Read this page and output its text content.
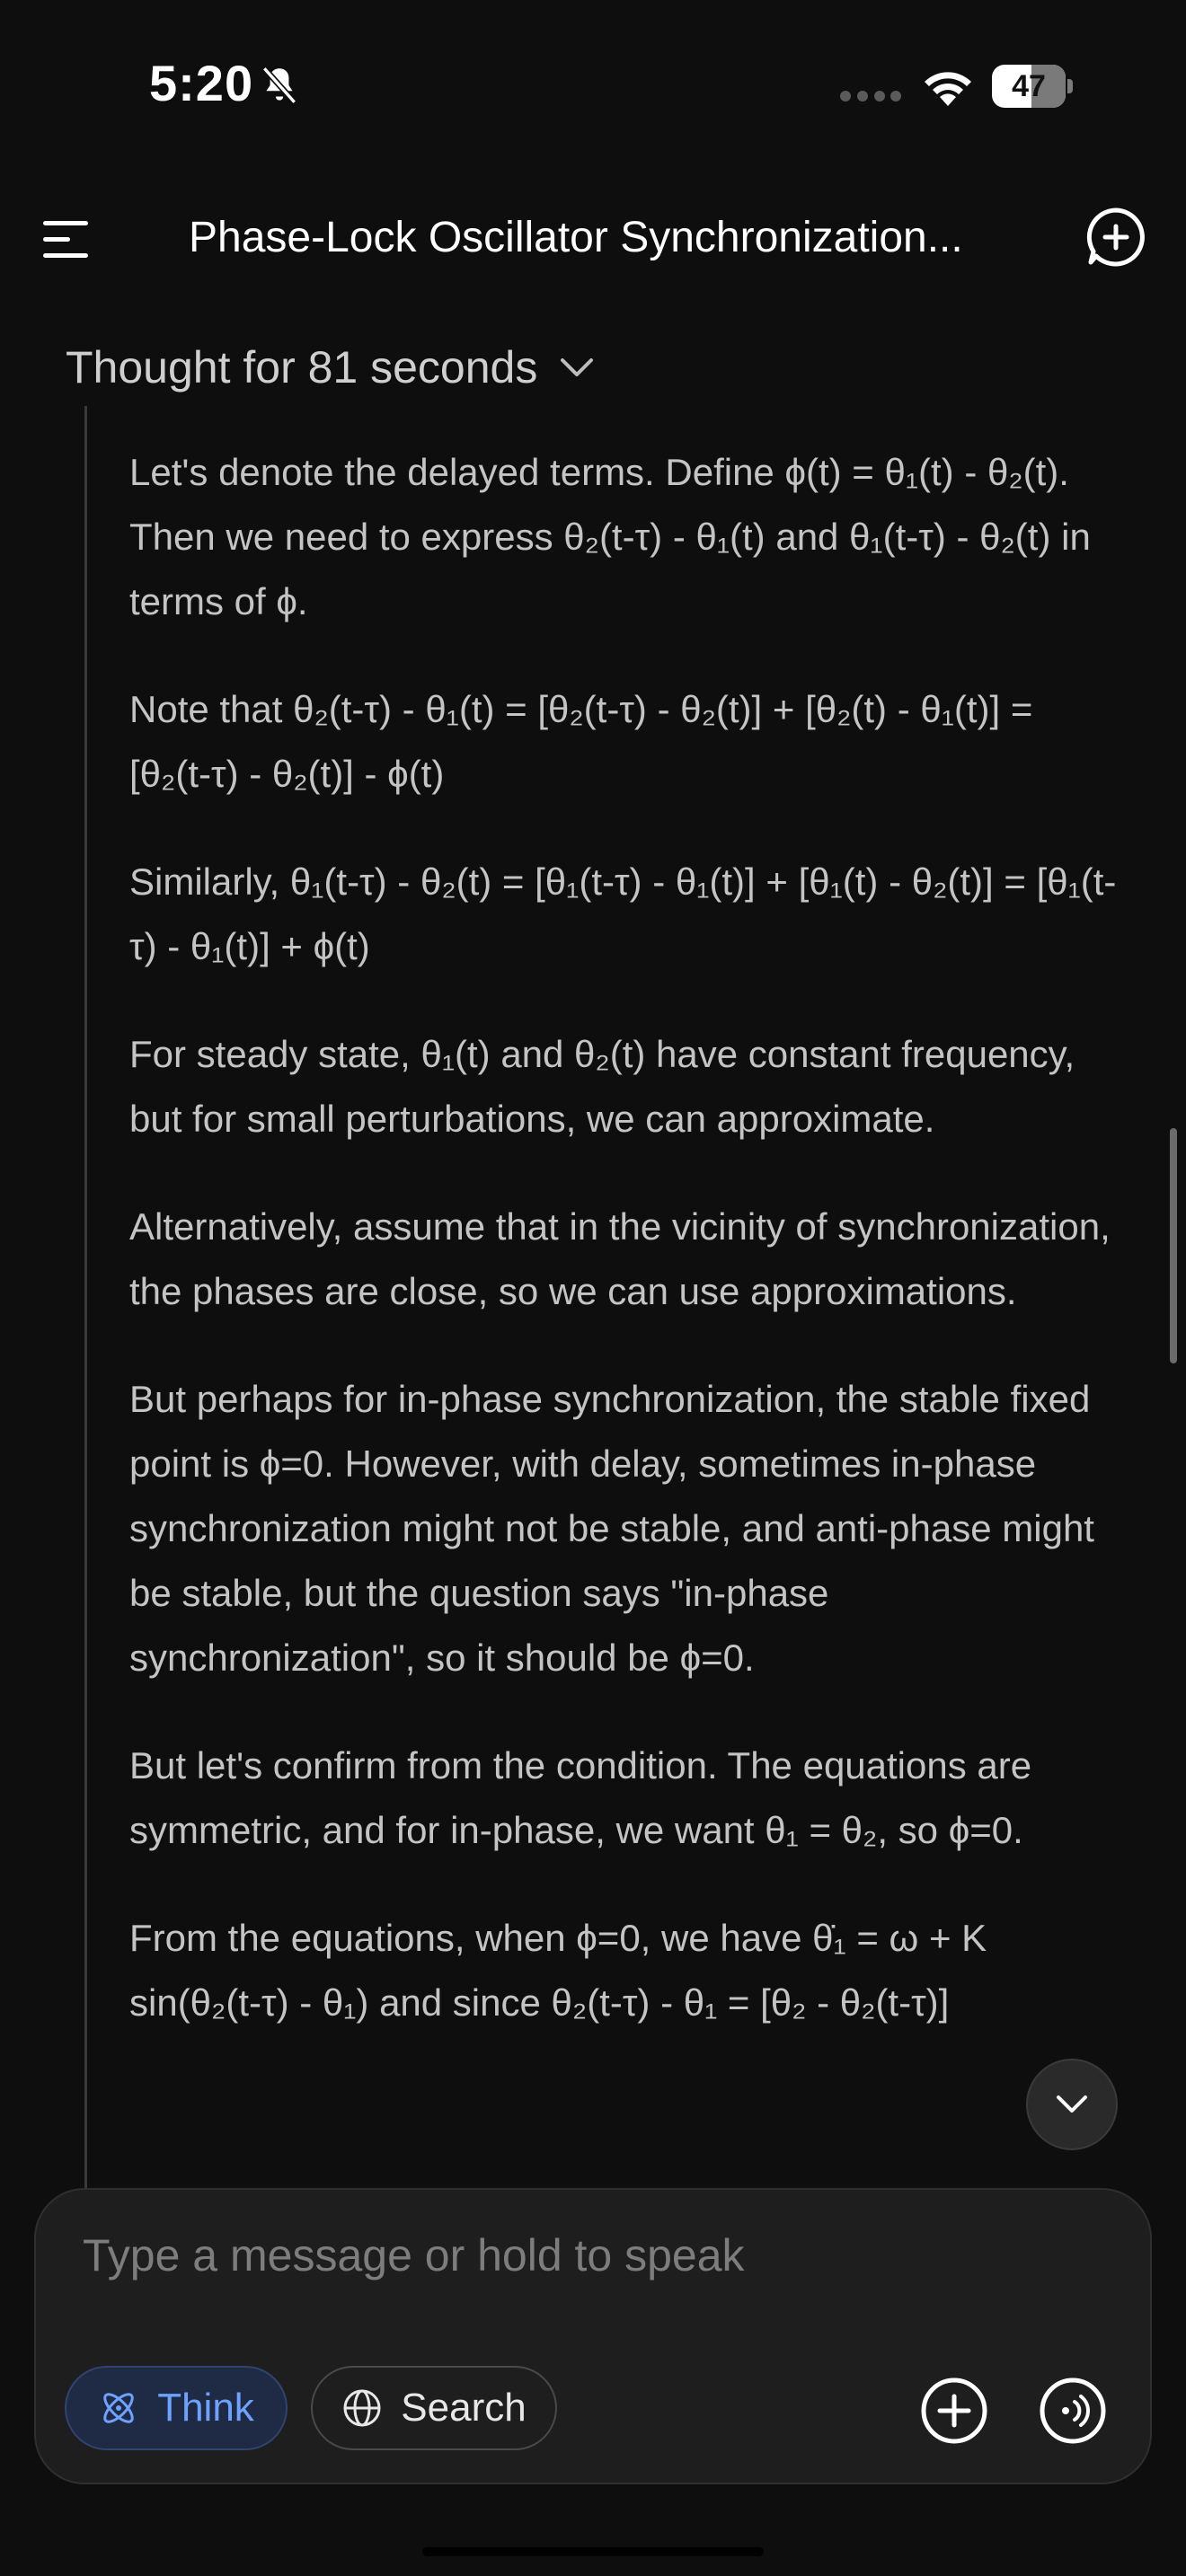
5:20	47
Phase-Lock Oscillator Synchronization...
Thought for 81 seconds

Let's denote the delayed terms. Define ϕ(t) = θ₁(t) - θ₂(t). Then we need to express θ₂(t-τ) - θ₁(t) and θ₁(t-τ) - θ₂(t) in terms of ϕ.

Note that θ₂(t-τ) - θ₁(t) = [θ₂(t-τ) - θ₂(t)] + [θ₂(t) - θ₁(t)] = [θ₂(t-τ) - θ₂(t)] - ϕ(t)

Similarly, θ₁(t-τ) - θ₂(t) = [θ₁(t-τ) - θ₁(t)] + [θ₁(t) - θ₂(t)] = [θ₁(t-τ) - θ₁(t)] + ϕ(t)

For steady state, θ₁(t) and θ₂(t) have constant frequency, but for small perturbations, we can approximate.

Alternatively, assume that in the vicinity of synchronization, the phases are close, so we can use approximations.

But perhaps for in-phase synchronization, the stable fixed point is ϕ=0. However, with delay, sometimes in-phase synchronization might not be stable, and anti-phase might be stable, but the question says "in-phase synchronization", so it should be ϕ=0.

But let's confirm from the condition. The equations are symmetric, and for in-phase, we want θ₁ = θ₂, so ϕ=0.

From the equations, when ϕ=0, we have θ̇₁ = ω + K sin(θ₂(t-τ) - θ₁) and since θ₂(t-τ) - θ₁ = [θ₂ - θ₂(t-τ)]

Type a message or hold to speak
Think	Search
